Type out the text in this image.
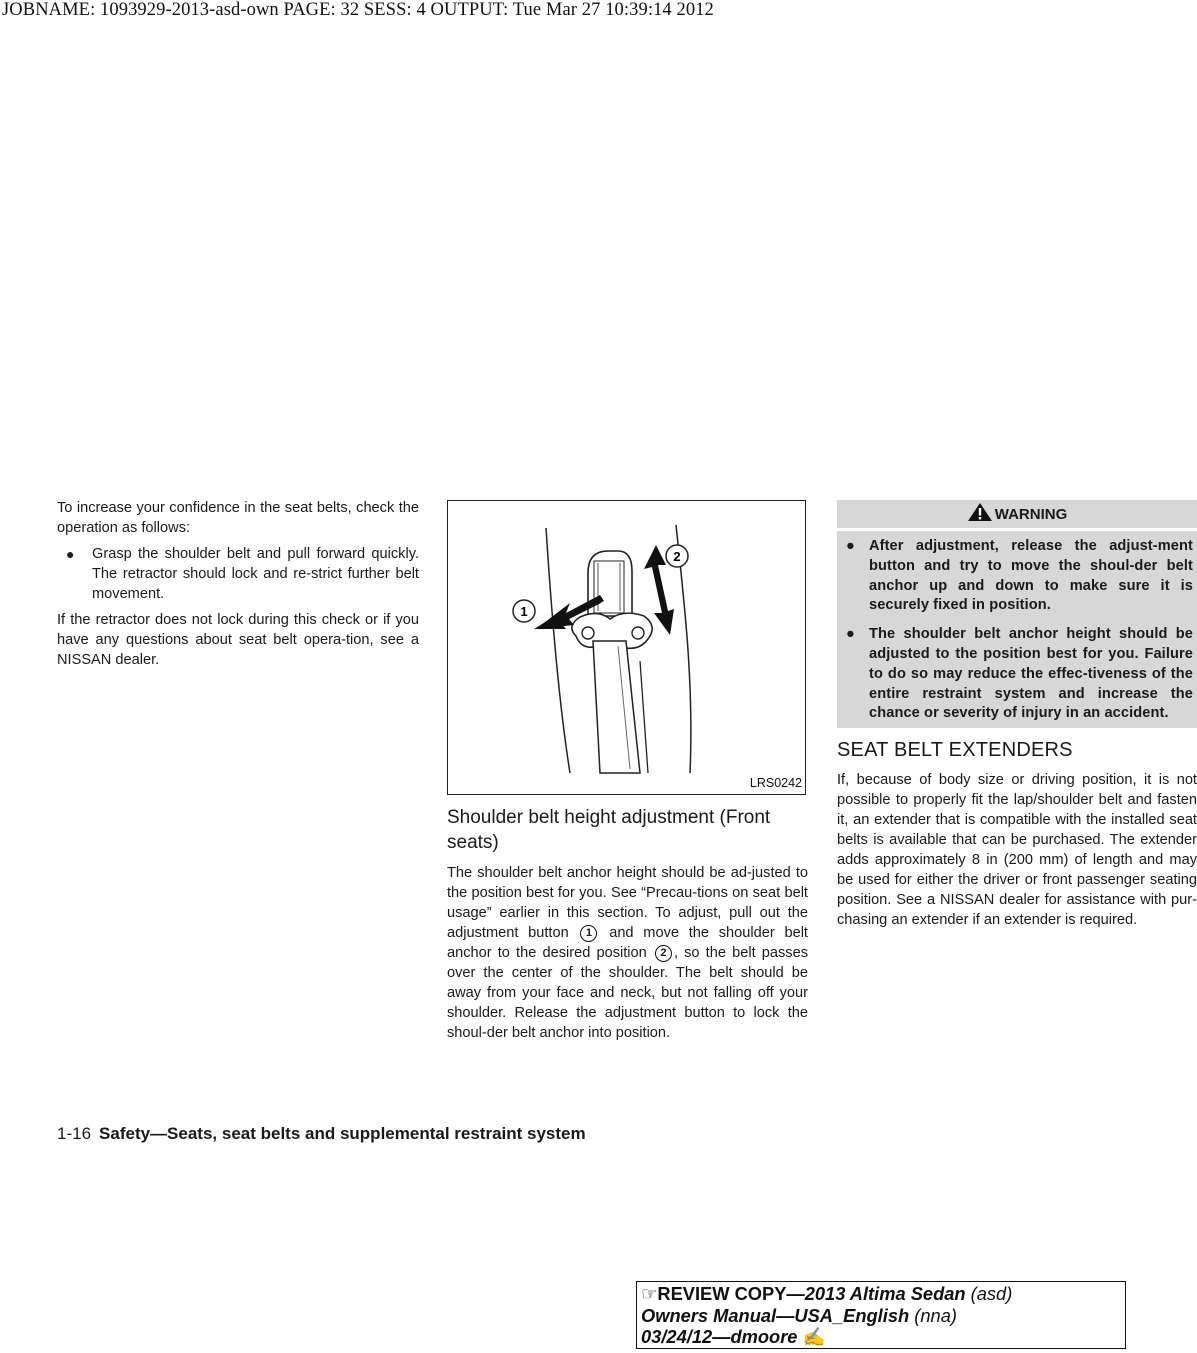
JOBNAME: 1093929-2013-asd-own PAGE: 32 SESS: 4 OUTPUT: Tue Mar 27 10:39:14 2012

To increase your confidence in the seat belts, check the operation as follows:

● Grasp the shoulder belt and pull forward quickly. The retractor should lock and re-strict further belt movement.

If the retractor does not lock during this check or if you have any questions about seat belt opera-tion, see a NISSAN dealer.

1
2
LRS0242
Shoulder belt height adjustment (Front seats)

The shoulder belt anchor height should be ad-justed to the position best for you. See “Precau-tions on seat belt usage” earlier in this section. To adjust, pull out the adjustment button 1 and move the shoulder belt anchor to the desired position 2 , so the belt passes over the center of the shoulder. The belt should be away from your face and neck, but not falling off your shoulder. Release the adjustment button to lock the shoul-der belt anchor into position.

WARNING
● After adjustment, release the adjust-ment button and try to move the shoul-der belt anchor up and down to make sure it is securely fixed in position.
● The shoulder belt anchor height should be adjusted to the position best for you. Failure to do so may reduce the effec-tiveness of the entire restraint system and increase the chance or severity of injury in an accident.
SEAT BELT EXTENDERS

If, because of body size or driving position, it is not possible to properly fit the lap/shoulder belt and fasten it, an extender that is compatible with the installed seat belts is available that can be purchased. The extender adds approximately 8 in (200 mm) of length and may be used for either the driver or front passenger seating position. See a NISSAN dealer for assistance with pur-chasing an extender if an extender is required.

1-16 Safety—Seats, seat belts and supplemental restraint system
☞REVIEW COPY—2013 Altima Sedan (asd)
Owners Manual—USA_English (nna)
03/24/12—dmoore ✍
